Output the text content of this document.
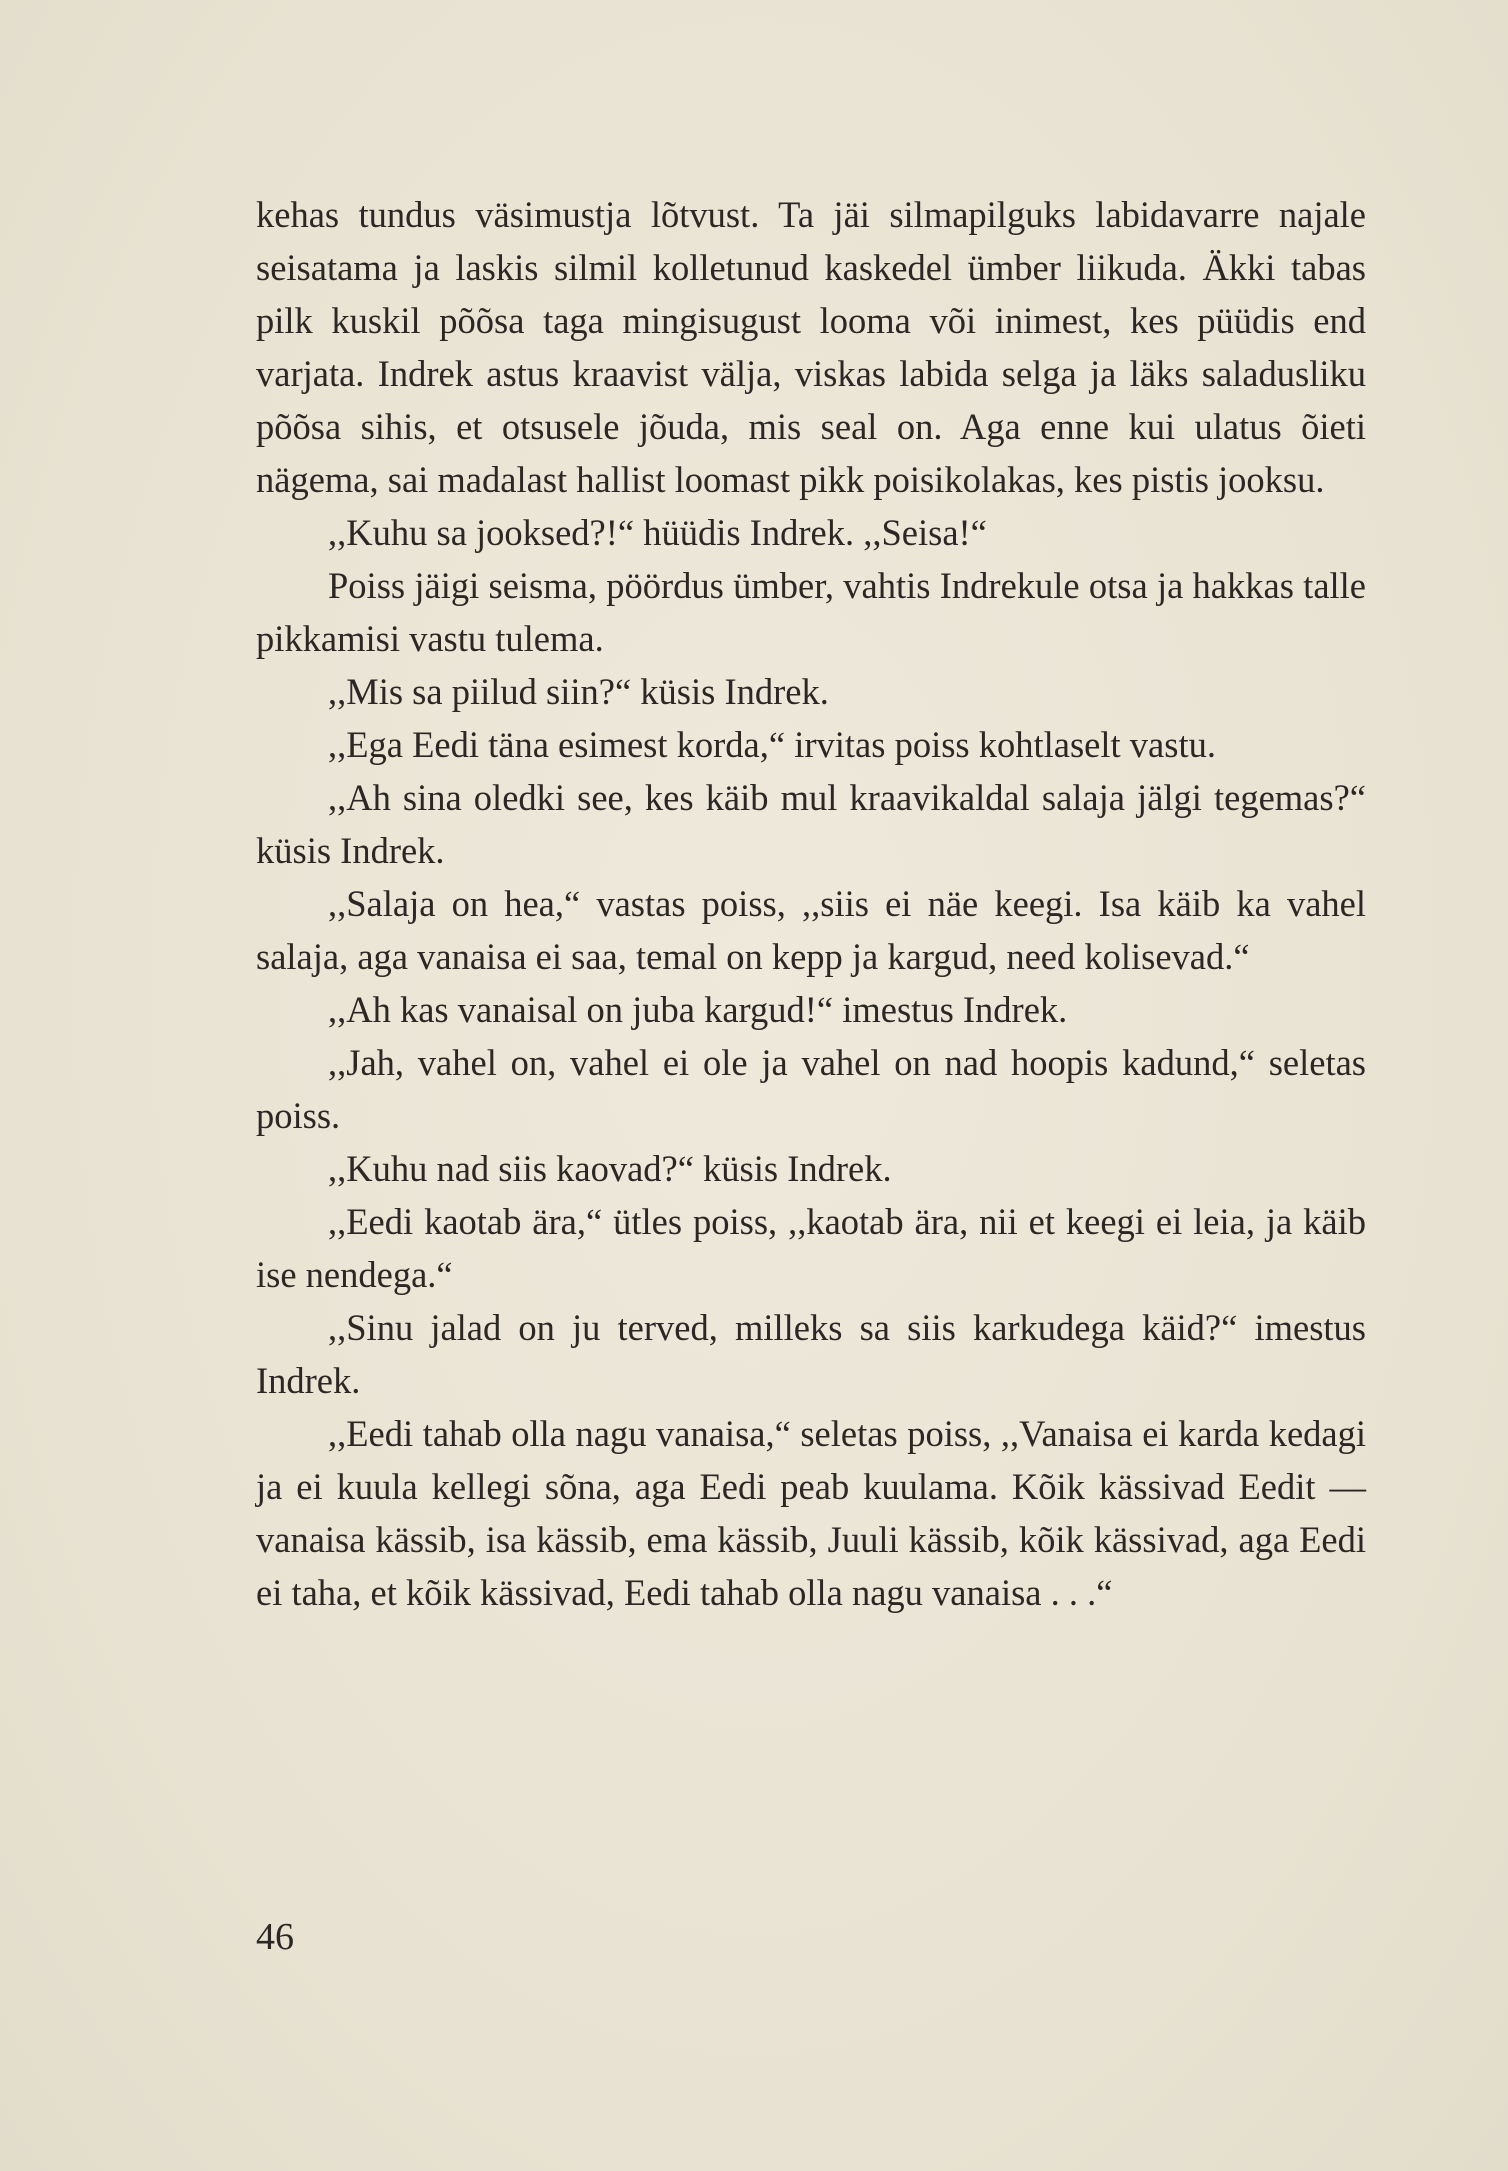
kehas tundus väsimustja lõtvust. Ta jäi silmapilguks labidavarre najale seisatama ja laskis silmil kolletunud kaskedel ümber liikuda. Äkki tabas pilk kuskil põõsa taga mingisugust looma või inimest, kes püüdis end varjata. Indrek astus kraavist välja, viskas labida selga ja läks saladusliku põõsa sihis, et otsusele jõuda, mis seal on. Aga enne kui ulatus õieti nägema, sai madalast hallist loomast pikk poisikolakas, kes pistis jooksu.

,,Kuhu sa jooksed?!“ hüüdis Indrek. ,,Seisa!“

Poiss jäigi seisma, pöördus ümber, vahtis Indrekule otsa ja hakkas talle pikkamisi vastu tulema.

,,Mis sa piilud siin?“ küsis Indrek.

,,Ega Eedi täna esimest korda,“ irvitas poiss kohtlaselt vastu.

,,Ah sina oledki see, kes käib mul kraavikaldal salaja jälgi tegemas?“ küsis Indrek.

,,Salaja on hea,“ vastas poiss, ,,siis ei näe keegi. Isa käib ka vahel salaja, aga vanaisa ei saa, temal on kepp ja kargud, need kolisevad.“

,,Ah kas vanaisal on juba kargud!“ imestus Indrek.

,,Jah, vahel on, vahel ei ole ja vahel on nad hoopis kadund,“ seletas poiss.

,,Kuhu nad siis kaovad?“ küsis Indrek.

,,Eedi kaotab ära,“ ütles poiss, ,,kaotab ära, nii et keegi ei leia, ja käib ise nendega.“

,,Sinu jalad on ju terved, milleks sa siis karkudega käid?“ imestus Indrek.

,,Eedi tahab olla nagu vanaisa,“ seletas poiss, ,,Vanaisa ei karda kedagi ja ei kuula kellegi sõna, aga Eedi peab kuulama. Kõik kässivad Eedit — vanaisa kässib, isa kässib, ema kässib, Juuli kässib, kõik kässivad, aga Eedi ei taha, et kõik kässivad, Eedi tahab olla nagu vanaisa . . .“

46
